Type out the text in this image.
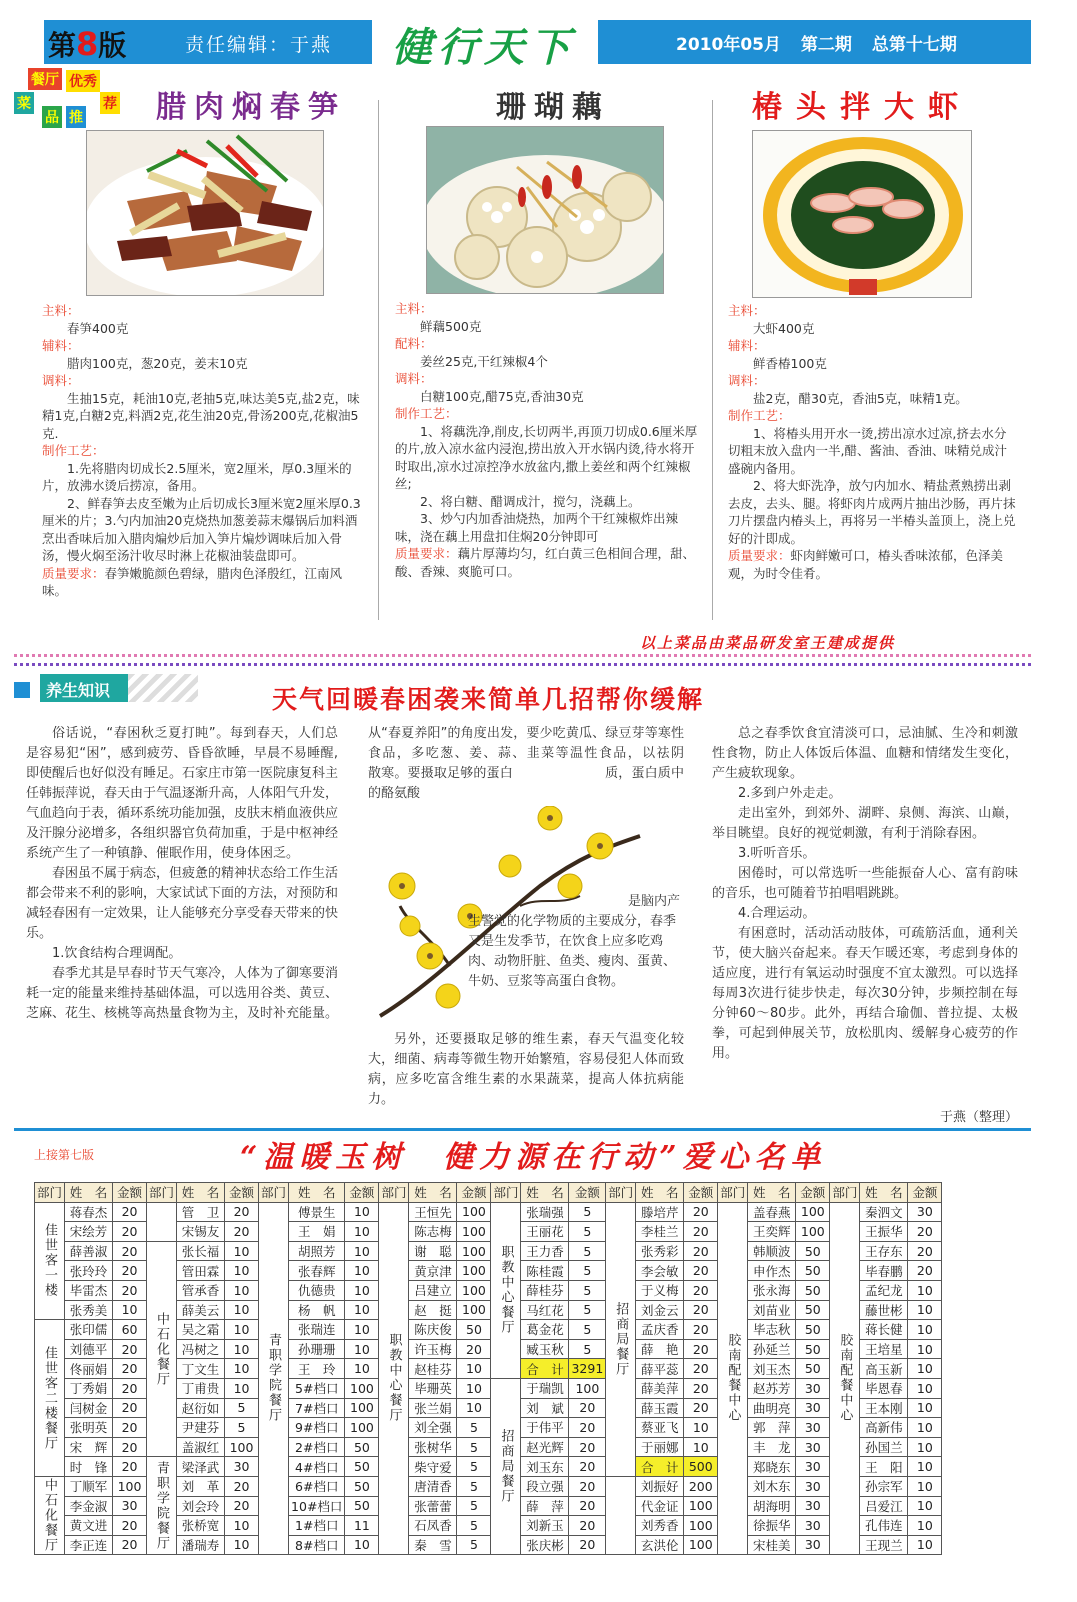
第8版	责任编辑：于燕 健行天下	2010年05月 第二期 总第十七期
餐厅 优秀
菜
品 推
荐 腊肉焖春笋	珊瑚藕	椿头拌大虾

主料：

　　春笋400克

辅料：

　　腊肉100克，葱20克，姜末10克

调料：

　　生抽15克，耗油10克,老抽5克,味达美5克,盐2克，味精1克,白糖2克,料酒2克,花生油20克,骨汤200克,花椒油5克.

制作工艺：

　　1.先将腊肉切成长2.5厘米，宽2厘米，厚0.3厘米的片，放沸水烫后捞凉，备用。

　　2、鲜春笋去皮至嫩为止后切成长3厘米宽2厘米厚0.3厘米的片；3.勺内加油20克烧热加葱姜蒜末爆锅后加料酒烹出香味后加入腊肉煸炒后加入笋片煸炒调味后加入骨汤，慢火焖至汤汁收尽时淋上花椒油装盘即可。

质量要求：春笋嫩脆颜色碧绿，腊肉色泽殷红，江南风味。

主料：

　　鲜藕500克

配料：

　　姜丝25克,干红辣椒4个

调料：

　　白糖100克,醋75克,香油30克

制作工艺：

　　1、将藕洗净,削皮,长切两半,再顶刀切成0.6厘米厚的片,放入凉水盆内浸泡,捞出放入开水锅内烫,待水将开时取出,凉水过凉控净水放盆内,撒上姜丝和两个红辣椒丝;

　　2、将白糖、醋调成汁，搅匀，浇藕上。

　　3、炒勺内加香油烧热，加两个干红辣椒炸出辣味，浇在藕上用盘扣住焖20分钟即可

质量要求：藕片厚薄均匀，红白黄三色相间合理，甜、酸、香辣、爽脆可口。

主料：

　　大虾400克

辅料：

　　鲜香椿100克

调料：

　　盐2克，醋30克，香油5克，味精1克。

制作工艺：

　　1、将椿头用开水一烫,捞出凉水过凉,挤去水分切粗末放入盘内一半,醋、酱油、香油、味精兑成汁盛碗内备用。

　　2、将大虾洗净，放勺内加水、精盐煮熟捞出剥去皮，去头、腿。将虾肉片成两片抽出沙肠，再片抹刀片摆盘内椿头上，再将另一半椿头盖顶上，浇上兑好的汁即成。

质量要求：虾肉鲜嫩可口，椿头香味浓郁，色泽美观，为时令佳肴。

以上菜品由菜品研发室王建成提供
养生知识	天气回暖春困袭来简单几招帮你缓解

俗话说，“春困秋乏夏打盹”。每到春天，人们总是容易犯“困”，感到疲劳、昏昏欲睡，早晨不易睡醒,即使醒后也好似没有睡足。石家庄市第一医院康复科主任韩振萍说，春天由于气温逐渐升高，人体阳气升发，气血趋向于表，循环系统功能加强，皮肤末梢血液供应及汗腺分泌增多，各组织器官负荷加重，于是中枢神经系统产生了一种镇静、催眠作用，使身体困乏。

春困虽不属于病态，但疲惫的精神状态给工作生活都会带来不利的影响，大家试试下面的方法，对预防和减轻春困有一定效果，让人能够充分享受春天带来的快乐。

1.饮食结构合理调配。

春季尤其是早春时节天气寒冷，人体为了御寒要消耗一定的能量来维持基础体温，可以选用谷类、黄豆、芝麻、花生、核桃等高热量食物为主，及时补充能量。

从“春夏养阳”的角度出发，要少吃黄瓜、绿豆芽等寒性食品，多吃葱、姜、蒜、韭菜等温性食品，以祛阴　　　散寒。要摄取足够的蛋白　　　　　　　质，蛋白质中的酪氨酸

是脑内产生警觉的化学物质的主要成分，春季又是生发季节，在饮食上应多吃鸡肉、动物肝脏、鱼类、瘦肉、蛋黄、牛奶、豆浆等高蛋白食物。

另外，还要摄取足够的维生素，春天气温变化较大，细菌、病毒等微生物开始繁殖，容易侵犯人体而致病，应多吃富含维生素的水果蔬菜，提高人体抗病能力。

总之春季饮食宜清淡可口，忌油腻、生冷和刺激性食物，防止人体饭后体温、血糖和情绪发生变化，产生疲软现象。

2.多到户外走走。

走出室外，到郊外、湖畔、泉侧、海滨、山巅，举目眺望。良好的视觉刺激，有利于消除春困。

3.听听音乐。

困倦时，可以常选听一些能振奋人心、富有韵味的音乐，也可随着节拍唱唱跳跳。

4.合理运动。

有困意时，活动活动肢体，可疏筋活血，通利关节，使大脑兴奋起来。春天乍暖还寒，考虑到身体的适应度，进行有氧运动时强度不宜太激烈。可以选择每周3次进行徒步快走，每次30分钟，步频控制在每分钟60～80步。此外，再结合瑜伽、普拉提、太极拳，可起到伸展关节，放松肌肉、缓解身心疲劳的作用。

于燕（整理）
上接第七版	“温暖玉树　健力源在行动”爱心名单
部门	姓　名	金额	部门	姓　名	金额	部门	姓　名	金额	部门	姓　名	金额	部门	姓　名	金额	部门	姓　名	金额	部门	姓　名	金额	部门	姓　名	金额
佳世客一楼	蒋春杰	20		管　卫	20	青职学院餐厅	傅景生	10	职教中心餐厅	王恒先	100	职教中心餐厅	张瑞强	5	招商局餐厅	滕培芹	20	胶南配餐中心	盖春燕	100	胶南配餐中心	秦泗文	30
	宋绘芳	20		宋锡友	20		王　娟	10		陈志梅	100		王丽花	5		李桂兰	20		王奕辉	100		王振华	20
	薛善淑	20	中石化餐厅	张长福	10		胡照芳	10		谢　聪	100		王力香	5		张秀彩	20		韩顺波	50		王存东	20
	张玲玲	20		管田霖	10		张春辉	10		黄京津	100		陈桂霞	5		李会敏	20		申作杰	50		毕春鹏	20
	毕雷杰	20		管承香	10		仇德贵	10		吕建立	100		薛桂芬	5		于义梅	20		张永海	50		孟纪龙	10
	张秀美	10		薛美云	10		杨　帆	10		赵　挺	100		马红花	5		刘金云	20		刘苗业	50		藤世彬	10
佳世客二楼餐厅	张印儒	60		吴之霜	10		张瑞连	10		陈庆俊	50		葛金花	5		孟庆香	20		毕志秋	50		蒋长健	10
	刘德平	20		冯树之	10		孙珊珊	10		许玉梅	20		臧玉秋	5		薛　艳	20		孙延兰	50		王培星	10
	佟丽娟	20		丁文生	10		王　玲	10		赵桂芬	10		合　计	3291		薛平蕊	20		刘玉杰	50		高玉新	10
	丁秀娟	20		丁甫贵	10		5#档口	100		毕珊英	10	招商局餐厅	于瑞凯	100		薛美萍	20		赵苏芳	30		毕恩春	10
	闫树金	20		赵衍如	5		7#档口	100		张兰娟	10		刘　斌	20		薛玉霞	20		曲明亮	30		王本刚	10
	张明英	20		尹建芬	5		9#档口	100		刘全强	5		于伟平	20		蔡亚飞	10		郭　萍	30		高新伟	10
	宋　辉	20		盖淑红	100		2#档口	50		张树华	5		赵光辉	20		于丽娜	10		丰　龙	30		孙国兰	10
	时　锋	20	青职学院餐厅	梁泽武	30		4#档口	50		柴守爱	5		刘玉东	20		合　计	500		郑晓东	30		王　阳	10
中石化餐厅	丁顺军	100		刘　革	20		6#档口	50		唐清香	5		段立强	20		刘振好	200		刘木东	30		孙宗军	10
	李金淑	30		刘会玲	20		10#档口	50		张蕾蕾	5		薛　萍	20		代金证	100		胡海明	30		吕爱江	10
	黄文进	20		张桥宽	10		1#档口	11		石凤香	5		刘新玉	20		刘秀香	100		徐振华	30		孔伟连	10
	李正连	20		潘瑞寿	10		8#档口	10		秦　雪	5		张庆彬	20		玄洪伦	100		宋桂美	30		王现兰	10
